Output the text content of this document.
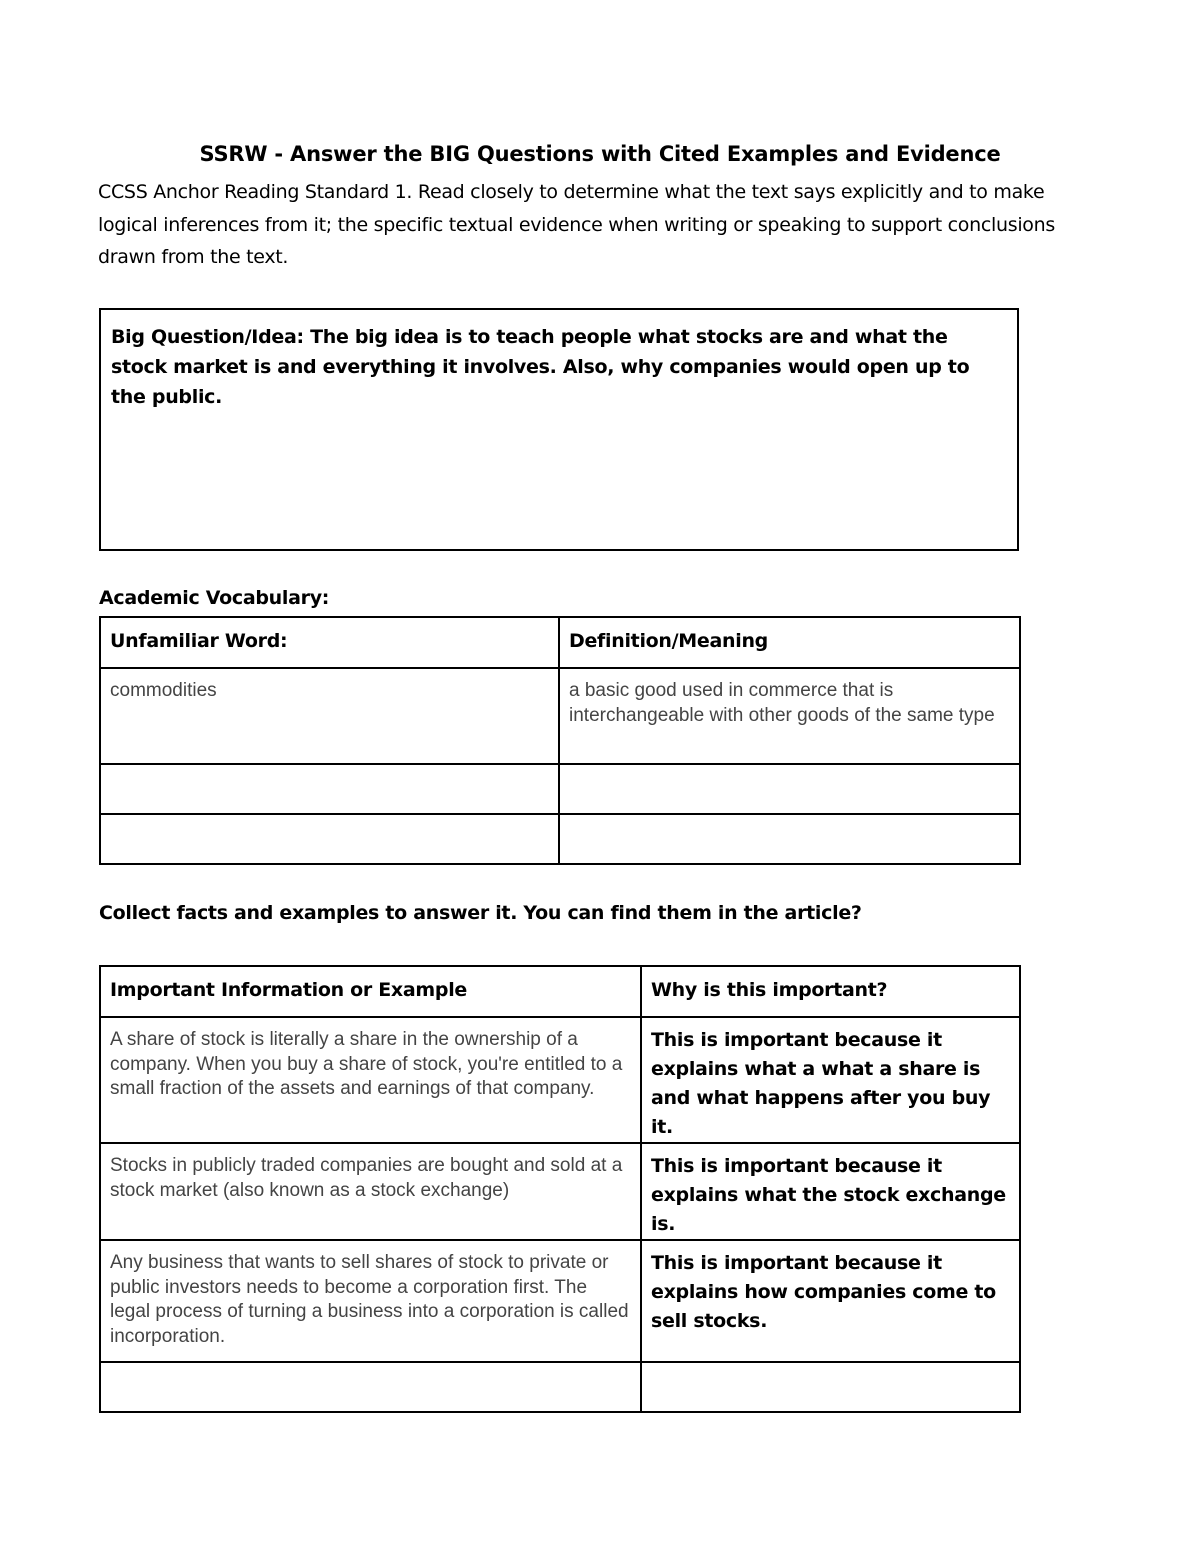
SSRW - Answer the BIG Questions with Cited Examples and Evidence
CCSS Anchor Reading Standard 1. Read closely to determine what the text says explicitly and to make logical inferences from it; the specific textual evidence when writing or speaking to support conclusions drawn from the text.
Big Question/Idea: The big idea is to teach people what stocks are and what the stock market is and everything it involves. Also, why companies would open up to the public.
Academic Vocabulary:
Unfamiliar Word:	Definition/Meaning
commodities	a basic good used in commerce that is interchangeable with other goods of the same type

Collect facts and examples to answer it. You can find them in the article?
Important Information or Example	Why is this important?
A share of stock is literally a share in the ownership of a company. When you buy a share of stock, you're entitled to a small fraction of the assets and earnings of that company.	This is important because it explains what a what a share is and what happens after you buy it.
Stocks in publicly traded companies are bought and sold at a stock market (also known as a stock exchange)	This is important because it explains what the stock exchange is.
Any business that wants to sell shares of stock to private or public investors needs to become a corporation first. The legal process of turning a business into a corporation is called incorporation.	This is important because it explains how companies come to sell stocks.
